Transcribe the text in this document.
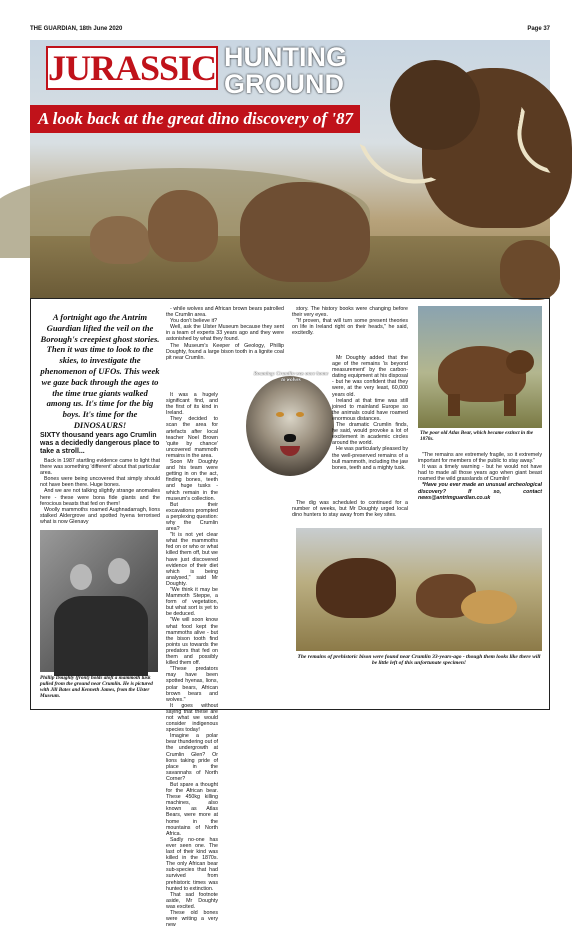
THE GUARDIAN, 18th June 2020	Page 37
JURASSIC HUNTING
GROUND
A look back at the great dino discovery of '87
A fortnight ago the Antrim Guardian lifted the veil on the Borough's creepiest ghost stories. Then it was time to look to the skies, to investigate the phenomenon of UFOs. This week we gaze back through the ages to the time true giants walked among us. It's time for the big boys. It's time for the DINOSAURS!
SIXTY thousand years ago Crumlin was a decidedly dangerous place to take a stroll...

Back in 1987 startling evidence came to light that there was something 'different' about that particular area.

Bones were being uncovered that simply should not have been there. Huge bones.

And we are not talking slightly strange anomalies here - these were bona fide giants and the ferocious beasts that fed on them!

Woolly mammoths roamed Aughnadarragh, lions stalked Aldergrove and spotted hyena terrorised what is now Glenavy

Phillip Doughty (front) holds aloft a mammoth tusk pulled from the ground near Crumlin. He is pictured with Jill Bates and Kenneth James, from the Ulster Museum.

- while wolves and African brown bears patrolled the Crumlin area.

You don't believe it?

Well, ask the Ulster Museum because they sent in a team of experts 33 years ago and they were astonished by what they found.

The Museum's Keeper of Geology, Phillip Doughty, found a large bison tooth in a lignite coal pit near Crumlin.

It was a hugely significant find, and the first of its kind in Ireland.

They decided to scan the area for artefacts after local teacher Noel Brown 'quite by chance' uncovered mammoth remains in the area.

Soon Mr Doughty and his team were getting in on the act, finding bones, teeth and huge tusks - which remain in the museum's collection.

But their excavations prompted a perplexing question: why the Crumlin area?

"It is not yet clear what the mammoths fed on or who or what killed them off, but we have just discovered evidence of their diet which is being analysed," said Mr Doughty.

"We think it may be Mammoth Steppe, a form of vegetation, but what sort is yet to be deduced.

"We will soon know what food kept the mammoths alive - but the bison tooth find points us towards the predators that fed on them and possibly killed them off.

"These predators may have been spotted hyenas, lions, polar bears, African brown bears and wolves."

It goes without saying that these are not what we would consider indigenous species today!

Imagine a polar bear thundering out of the undergrowth at Crumlin Glen? Or lions taking pride of place in the savannahs of North Corner?

But spare a thought for the African bear. These 450kg killing machines, also known as Atlas Bears, were more at home in the mountains of North Africa.

Sadly no-one has ever seen one. The last of their kind was killed in the 1870s. The only African bear sub-species that had survived from prehistoric times was hunted to extinction.

That sad footnote aside, Mr Doughty was excited.

These old bones were writing a very new

Roaming: Crumlin was once home to wolves

story. The history books were changing before their very eyes.

"If proven, that will turn some present theories on life in Ireland right on their heads," he said, excitedly.

Mr Doughty added that the age of the remains 'is beyond measurement' by the carbon-dating equipment at his disposal - but he was confident that they were, at the very least, 60,000 years old.

Ireland at that time was still joined to mainland Europe so the animals could have roamed enormous distances.

The dramatic Crumlin finds, he said, would provoke a lot of excitement in academic circles around the world.

He was particularly pleased by the well-preserved remains of a bull mammoth, including the jaw bones, teeth and a mighty tusk.

The dig was scheduled to continued for a number of weeks, but Mr Doughty urged local dino hunters to stay away from the key sites.

The poor old Atlas Bear, which became extinct in the 1870s.

"The remains are extremely fragile, so it extremely important for members of the public to stay away."

It was a timely warning - but he would not have had to made all those years ago when giant beast roamed the wild grasslands of Crumlin!

*Have you ever made an unusual archeological discovery? If so, contact news@antrimguardian.co.uk

The remains of prehistoric bison were found near Crumlin 33-years-ago - though them looks like there will be little left of this unfortunate specimen!
